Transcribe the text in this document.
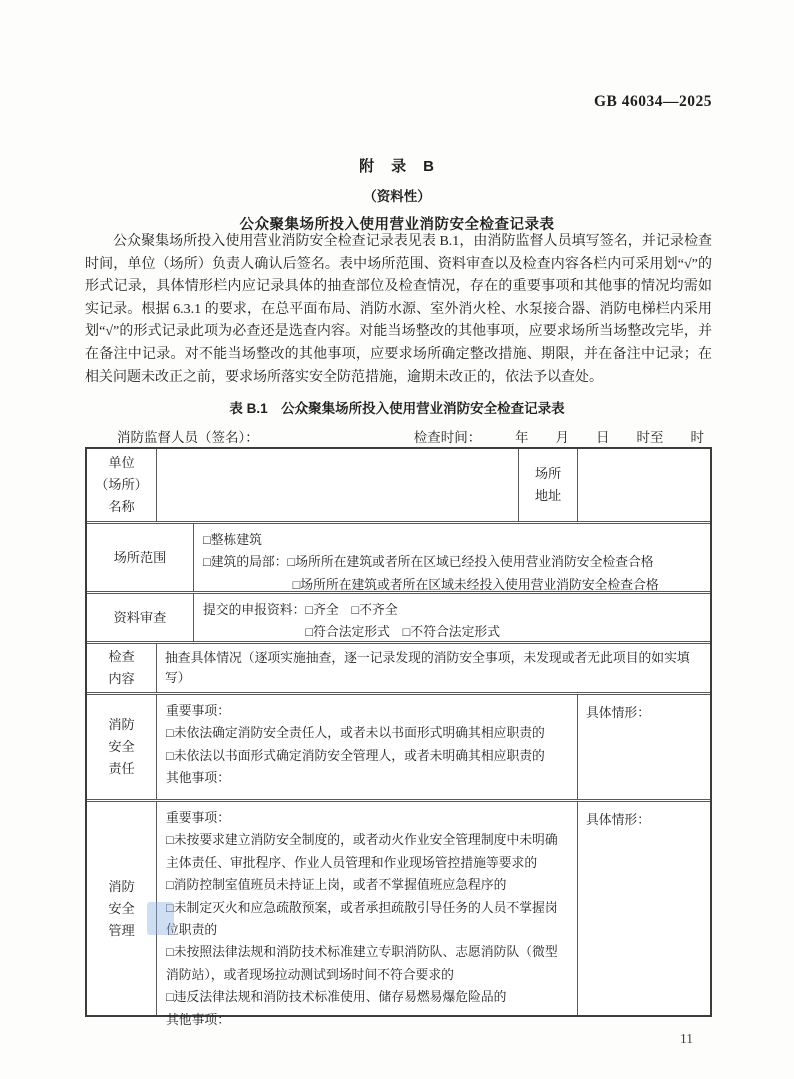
GB 46034—2025
附　录　B
（资料性）
公众聚集场所投入使用营业消防安全检查记录表

公众聚集场所投入使用营业消防安全检查记录表见表 B.1，由消防监督人员填写签名，并记录检查时间，单位（场所）负责人确认后签名。表中场所范围、资料审查以及检查内容各栏内可采用划“√”的形式记录，具体情形栏内应记录具体的抽查部位及检查情况，存在的重要事项和其他事的情况均需如实记录。根据 6.3.1 的要求，在总平面布局、消防水源、室外消火栓、水泵接合器、消防电梯栏内采用划“√”的形式记录此项为必查还是选查内容。对能当场整改的其他事项，应要求场所当场整改完毕，并在备注中记录。对不能当场整改的其他事项，应要求场所确定整改措施、期限，并在备注中记录；在相关问题未改正之前，要求场所落实安全防范措施，逾期未改正的，依法予以查处。

表 B.1　公众聚集场所投入使用营业消防安全检查记录表
消防监督人员（签名）：	检查时间：　　　年　　月　　日　　时至　　时
单位
（场所）
名称
场所
地址
场所范围
□整栋建筑
□建筑的局部：□场所所在建筑或者所在区域已经投入使用营业消防安全检查合格
　　　　　　　□场所所在建筑或者所在区域未经投入使用营业消防安全检查合格
资料审查	提交的申报资料：□齐全　□不齐全
　　　　　　　　□符合法定形式　□不符合法定形式
检查
内容
抽查具体情况（逐项实施抽查，逐一记录发现的消防安全事项，未发现或者无此项目的如实填写）
消防
安全
责任
重要事项：
□未依法确定消防安全责任人，或者未以书面形式明确其相应职责的
□未依法以书面形式确定消防安全管理人，或者未明确其相应职责的
其他事项：
具体情形：
消防
安全
管理
重要事项：
□未按要求建立消防安全制度的，或者动火作业安全管理制度中未明确主体责任、审批程序、作业人员管理和作业现场管控措施等要求的
□消防控制室值班员未持证上岗，或者不掌握值班应急程序的
□未制定灭火和应急疏散预案，或者承担疏散引导任务的人员不掌握岗位职责的
□未按照法律法规和消防技术标准建立专职消防队、志愿消防队（微型消防站），或者现场拉动测试到场时间不符合要求的
□违反法律法规和消防技术标准使用、储存易燃易爆危险品的
其他事项：
具体情形：
11
